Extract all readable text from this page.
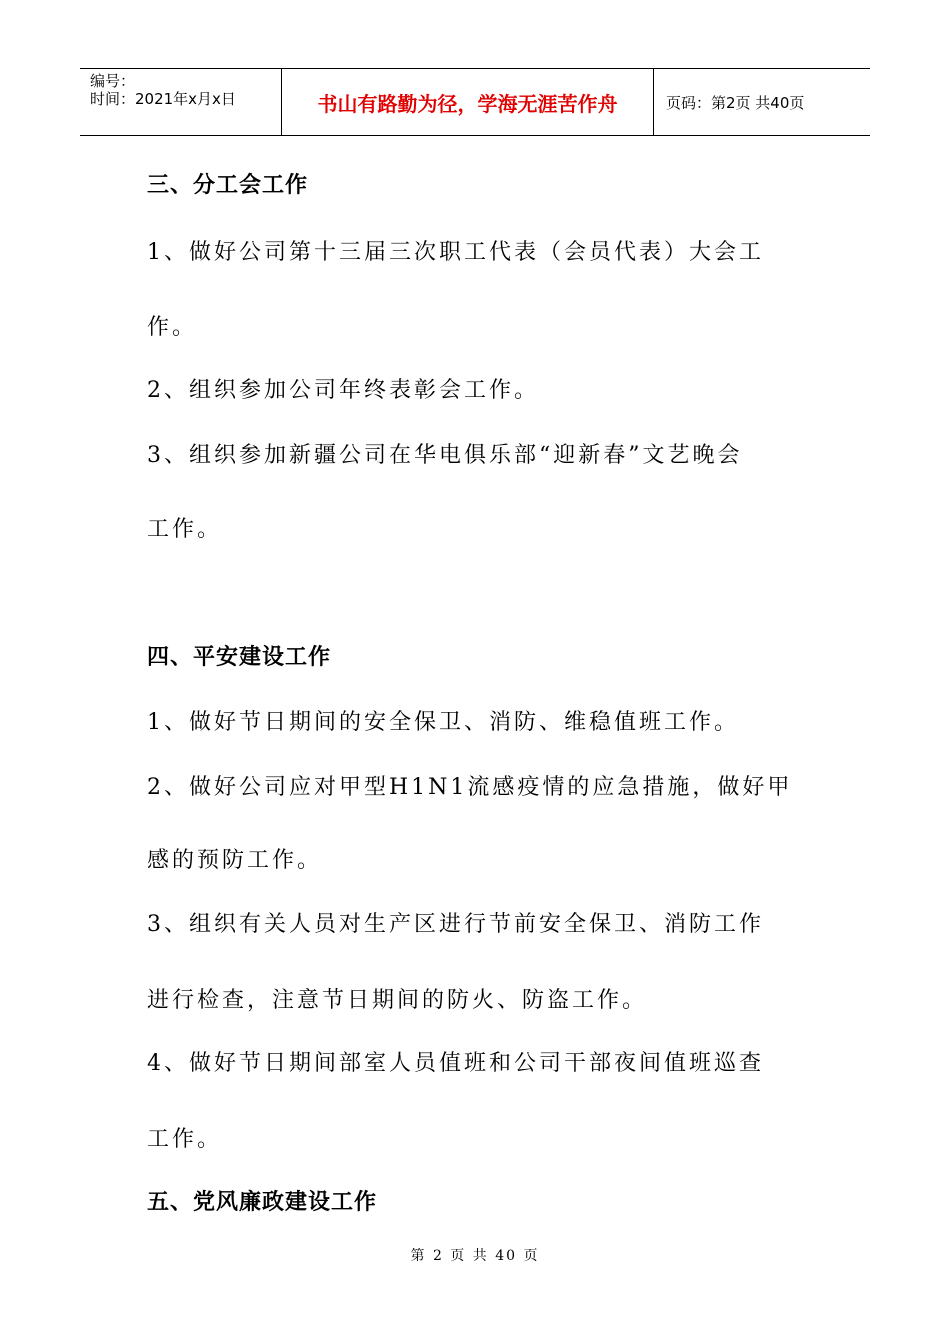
编号：
时间：2021年x月x日	书山有路勤为径，学海无涯苦作舟	页码：第2页 共40页
三、分工会工作
1、做好公司第十三届三次职工代表（会员代表）大会工
作。
2、组织参加公司年终表彰会工作。
3、组织参加新疆公司在华电俱乐部“迎新春”文艺晚会
工作。
四、平安建设工作
1、做好节日期间的安全保卫、消防、维稳值班工作。
2、做好公司应对甲型H1N1流感疫情的应急措施，做好甲
感的预防工作。
3、组织有关人员对生产区进行节前安全保卫、消防工作
进行检查，注意节日期间的防火、防盗工作。
4、做好节日期间部室人员值班和公司干部夜间值班巡查
工作。
五、党风廉政建设工作
第 2 页 共 40 页
